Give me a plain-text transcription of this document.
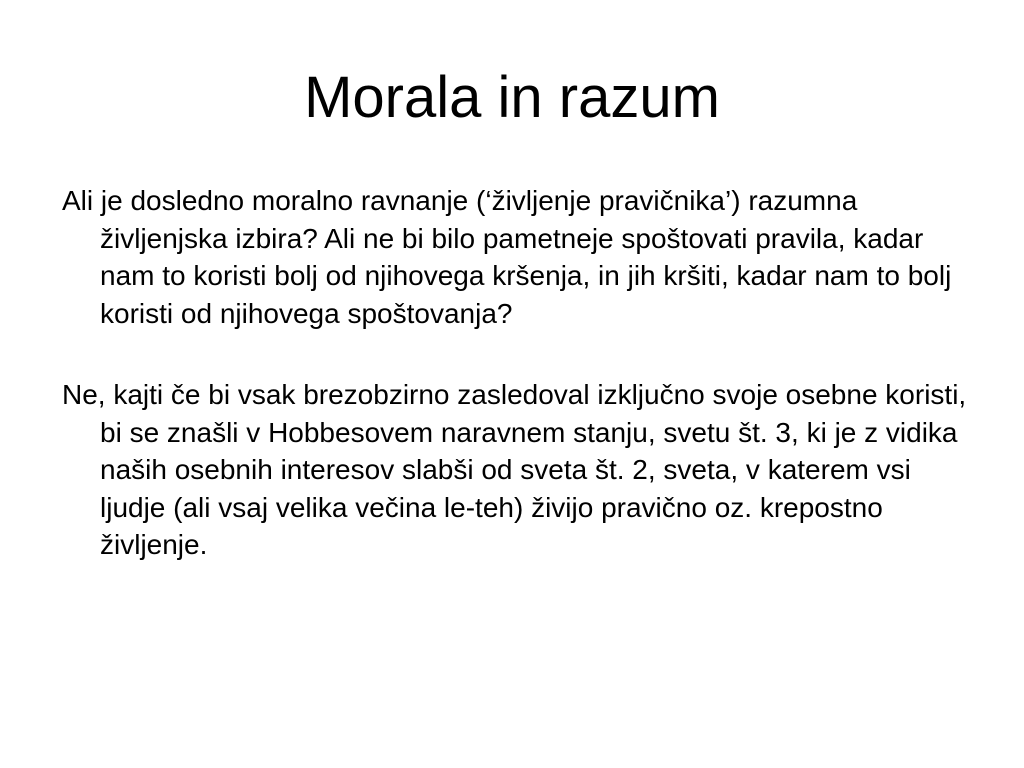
Morala in razum

Ali je dosledno moralno ravnanje (‘življenje pravičnika’) razumna življenjska izbira? Ali ne bi bilo pametneje spoštovati pravila, kadar nam to koristi bolj od njihovega kršenja, in jih kršiti, kadar nam to bolj koristi od njihovega spoštovanja?

Ne, kajti če bi vsak brezobzirno zasledoval izključno svoje osebne koristi, bi se znašli v Hobbesovem naravnem stanju, svetu št. 3, ki je z vidika naših osebnih interesov slabši od sveta št. 2, sveta, v katerem vsi ljudje (ali vsaj velika večina le-teh) živijo pravično oz. krepostno življenje.
